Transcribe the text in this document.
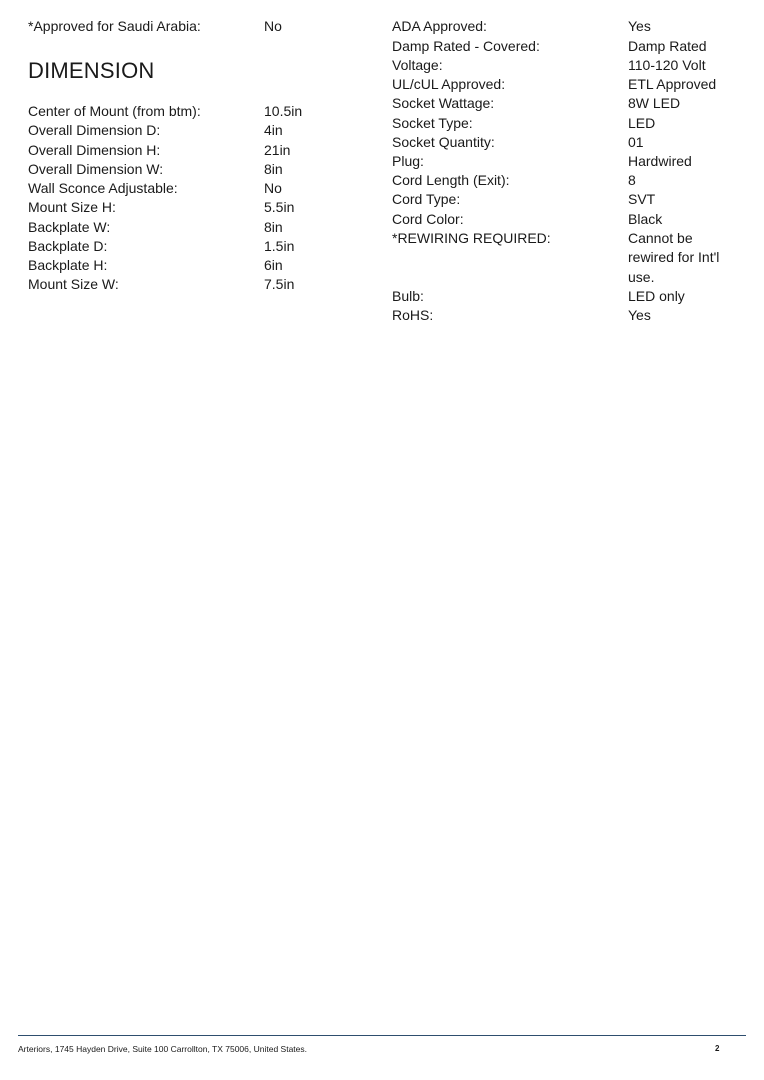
*Approved for Saudi Arabia:	No
DIMENSION
Center of Mount (from btm):	10.5in
Overall Dimension D:	4in
Overall Dimension H:	21in
Overall Dimension W:	8in
Wall Sconce Adjustable:	No
Mount Size H:	5.5in
Backplate W:	8in
Backplate D:	1.5in
Backplate H:	6in
Mount Size W:	7.5in
ADA Approved:	Yes
Damp Rated - Covered:	Damp Rated
Voltage:	110-120 Volt
UL/cUL Approved:	ETL Approved
Socket Wattage:	8W LED
Socket Type:	LED
Socket Quantity:	01
Plug:	Hardwired
Cord Length (Exit):	8
Cord Type:	SVT
Cord Color:	Black
*REWIRING REQUIRED:	Cannot be rewired for Int'l use.
Bulb:	LED only
RoHS:	Yes
Arteriors, 1745 Hayden Drive, Suite 100 Carrollton, TX 75006, United States.	2
